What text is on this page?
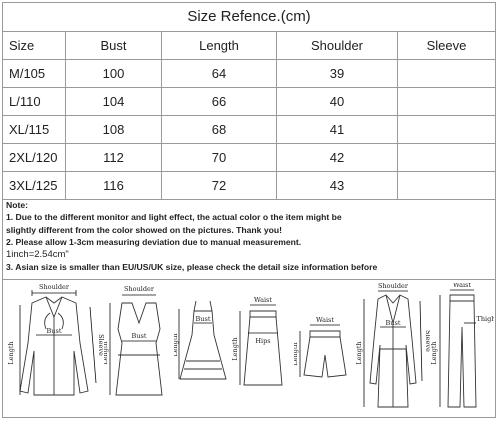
Size Refence.(cm)
Size	Bust	Length	Shoulder	Sleeve
M/105	100	64	39	
L/110	104	66	40	
XL/115	108	68	41	
2XL/120	112	70	42	
3XL/125	116	72	43	
Note:
1. Due to the different monitor and light effect, the actual color o the item might be
slightly different from the color showed on the pictures. Thank you!
2. Please allow 1-3cm measuring deviation due to manual measurement.
1inch=2.54cm"
3. Asian size is smaller than EU/US/UK size, please check the detail size information before
Shoulder
Bust
Length	Sleeve
Shoulder
Bust
Length
Bust
Length
Waist
Hips
Length
Waist
Length
Shoulder
Bust
Length
Sleeve
Waist
Thigh
Length
